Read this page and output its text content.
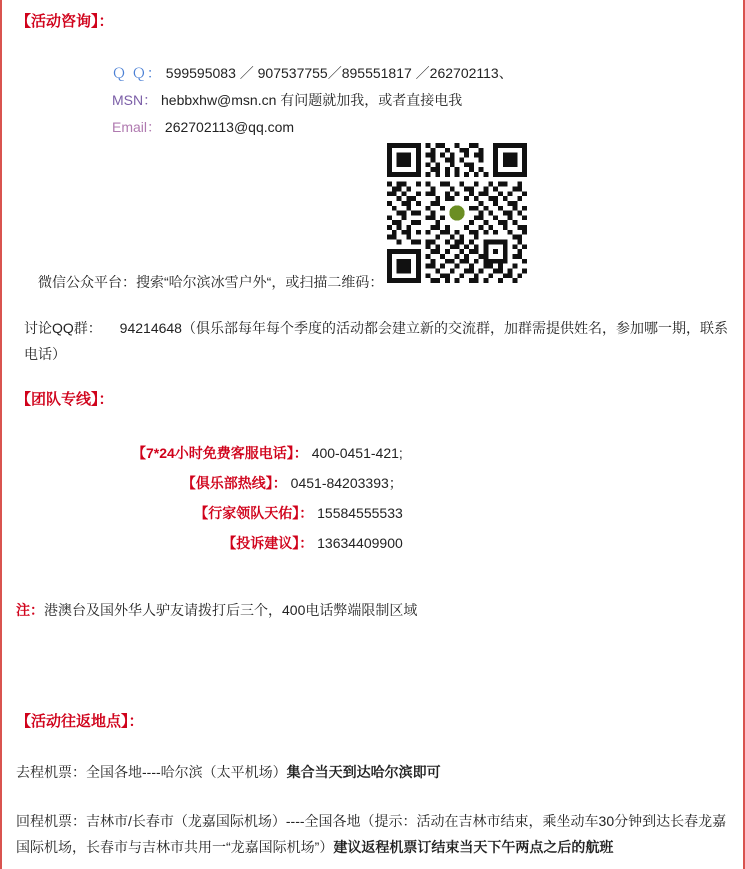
【活动咨询】：
Ｑ Ｑ： 599595083 ／ 907537755／895551817 ／262702113、
MSN： hebbxhw@msn.cn 有问题就加我，或者直接电我
Email： 262702113@qq.com
微信公众平台：搜索“哈尔滨冰雪户外“，或扫描二维码：
讨论QQ群： 94214648（俱乐部每年每个季度的活动都会建立新的交流群，加群需提供姓名，参加哪一期，联系电话）
【团队专线】：
【7*24小时免费客服电话】： 400-0451-421;
【俱乐部热线】： 0451-84203393；
【行家领队天佑】： 15584555533
【投诉建议】： 13634409900
注：港澳台及国外华人驴友请拨打后三个，400电话弊端限制区域
【活动往返地点】：
去程机票：全国各地----哈尔滨（太平机场）集合当天到达哈尔滨即可
回程机票：吉林市/长春市（龙嘉国际机场）----全国各地（提示：活动在吉林市结束，乘坐动车30分钟到达长春龙嘉国际机场，长春市与吉林市共用一“龙嘉国际机场”）建议返程机票订结束当天下午两点之后的航班
